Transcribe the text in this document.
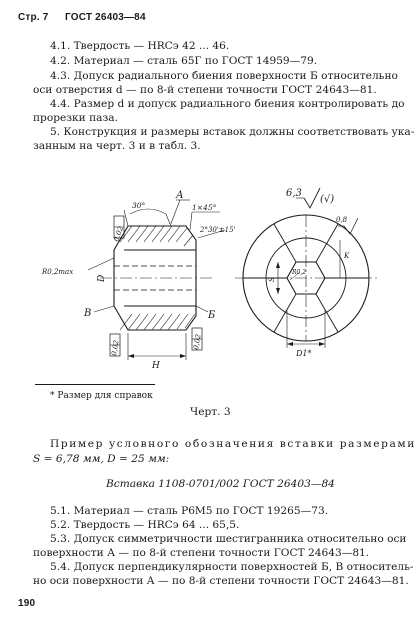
Стр. 7 ГОСТ 26403—84
4.1. Твердость — HRCэ 42 ... 46.
4.2. Материал — сталь 65Г по ГОСТ 14959—79.
4.3. Допуск радиального биения поверхности Б относительно
оси отверстия d — по 8-й степени точности ГОСТ 24643—81.
4.4. Размер d и допуск радиального биения контролировать до
прорезки паза.
5. Конструкция и размеры вставок должны соответствовать ука-
занным на черт. 3 и в табл. 3.
30°
А
1×45°
2°30'±15'
R0,2max
В	Б
0,02
0,02	0,02
H
D
6,3
(√)
0,8
R0,2
S
D1*
K
* Размер для справок
Черт. 3
Пример условного обозначения вставки размерами
S = 6,78 мм, D = 25 мм:
Вставка 1108-0701/002 ГОСТ 26403—84
5.1. Материал — сталь Р6М5 по ГОСТ 19265—73.
5.2. Твердость — HRCэ 64 ... 65,5.
5.3. Допуск симметричности шестигранника относительно оси
поверхности А — по 8-й степени точности ГОСТ 24643—81.
5.4. Допуск перпендикулярности поверхностей Б, В относитель-
но оси поверхности А — по 8-й степени точности ГОСТ 24643—81.
190
